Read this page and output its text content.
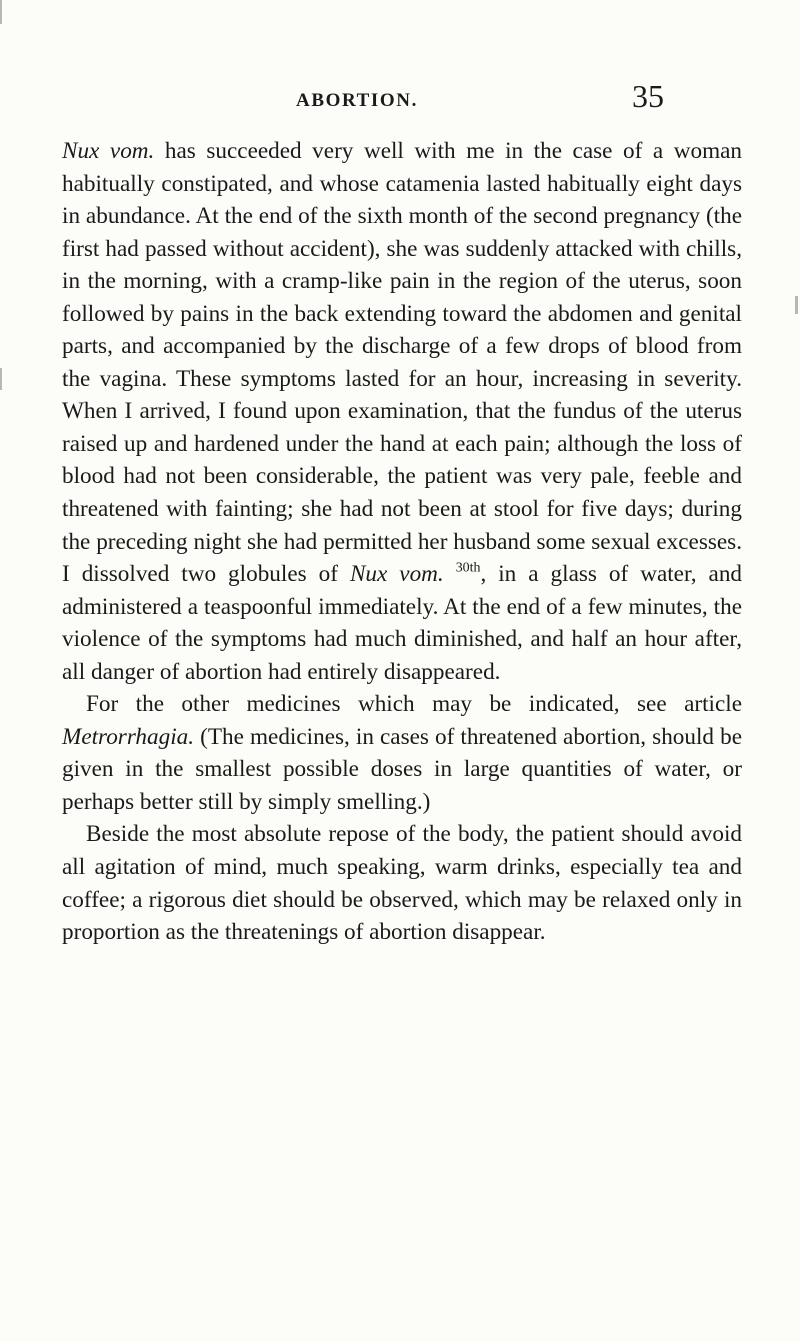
ABORTION.	35

Nux vom. has succeeded very well with me in the case of a woman habitually constipated, and whose catamenia lasted habitually eight days in abundance. At the end of the sixth month of the second pregnancy (the first had passed without accident), she was suddenly attacked with chills, in the morning, with a cramp-like pain in the region of the uterus, soon followed by pains in the back extending toward the abdomen and genital parts, and accompanied by the discharge of a few drops of blood from the vagina. These symptoms lasted for an hour, increasing in severity. When I arrived, I found upon examination, that the fundus of the uterus raised up and hardened under the hand at each pain; although the loss of blood had not been considerable, the patient was very pale, feeble and threatened with fainting; she had not been at stool for five days; during the preceding night she had permitted her husband some sexual excesses. I dissolved two globules of Nux vom. $^{30th}$, in a glass of water, and administered a teaspoonful immediately. At the end of a few minutes, the violence of the symptoms had much diminished, and half an hour after, all danger of abortion had entirely disappeared.

For the other medicines which may be indicated, see article Metrorrhagia. (The medicines, in cases of threatened abortion, should be given in the smallest possible doses in large quantities of water, or perhaps better still by simply smelling.)

Beside the most absolute repose of the body, the patient should avoid all agitation of mind, much speaking, warm drinks, especially tea and coffee; a rigorous diet should be observed, which may be relaxed only in proportion as the threatenings of abortion disappear.
